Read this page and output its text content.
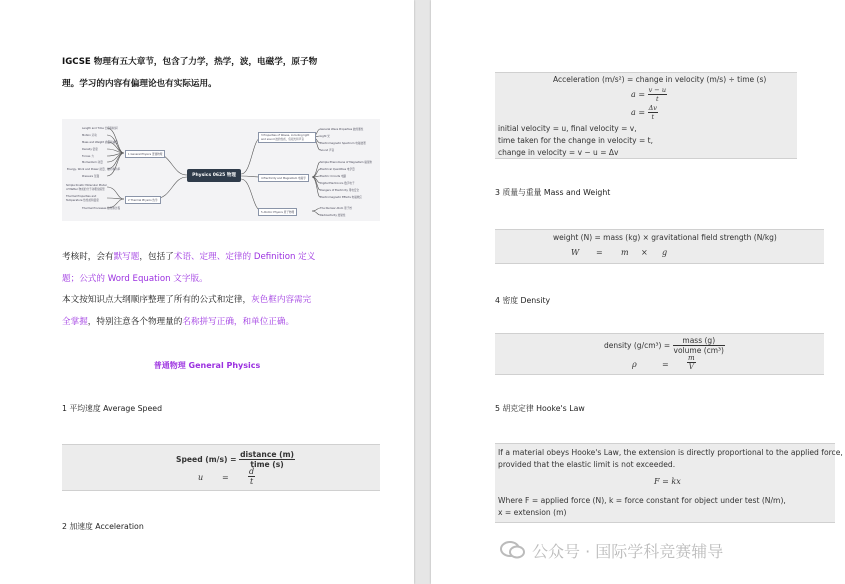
IGCSE 物理有五大章节，包含了力学，热学，波，电磁学，原子物
理。学习的内容有偏理论也有实际运用。
Physics 0625 物理
1 General Physics 普通物理
2 Thermal Physics 热学
3 Properties of Waves, including light and sound 波的性质，包括光和声音
4 Electricity and Magnetism 电磁学
5 Atomic Physics 原子物理
Length and Time 长度和时间
Motion 运动
Mass and Weight 质量和重量
Density 密度
Forces 力
Momentum 动量
Energy, Work and Power 能量、做功和功率
Pressure 压强
Simple Kinetic Molecular Model of Matter 物质的分子动理论模型
Thermal Properties and Temperature 热性质和温度
Thermal Processes 热传递过程
General Wave Properties 波的通性
Light 光
Electromagnetic Spectrum 电磁波谱
Sound 声音
Simple Phenomena of Magnetism 磁现象
Electrical Quantities 电学量
Electric Circuits 电路
Digital Electronics 数字电子
Dangers of Electricity 用电安全
Electromagnetic Effects 电磁效应
The Nuclear Atom 原子核
Radioactivity 放射性
考核时，会有默写题，包括了术语、定理、定律的 Definition 定义
题；公式的 Word Equation 文字版。
本文按知识点大纲顺序整理了所有的公式和定律，灰色框内容需完
全掌握，特别注意各个物理量的名称拼写正确，和单位正确。
普通物理 General Physics
1 平均速度 Average Speed
Speed $(m/s) = \frac{\text{distance (m)}}{\text{time (s)}}$
$u = \frac{d}{t}$
2 加速度 Acceleration
Acceleration (m/s²) = change in velocity (m/s) ÷ time (s)
$a = \frac{v - u}{t}$
$a = \frac{\Delta v}{t}$
initial velocity = u, final velocity = v,
time taken for the change in velocity = t,
change in velocity = v − u = Δv
3 质量与重量 Mass and Weight
weight (N) = mass (kg) × gravitational field strength (N/kg)
W = m × g
4 密度 Density
density $(g/cm^3) = \frac{\text{mass (g)}}{\text{volume (cm³)}}$
ρ	=	$\frac{m}{V}$
5 胡克定律 Hooke's Law
If a material obeys Hooke's Law, the extension is directly proportional to the applied force,
provided that the elastic limit is not exceeded.
F = kx
Where F = applied force (N), k = force constant for object under test (N/m),
x = extension (m)
公众号 · 国际学科竞赛辅导
